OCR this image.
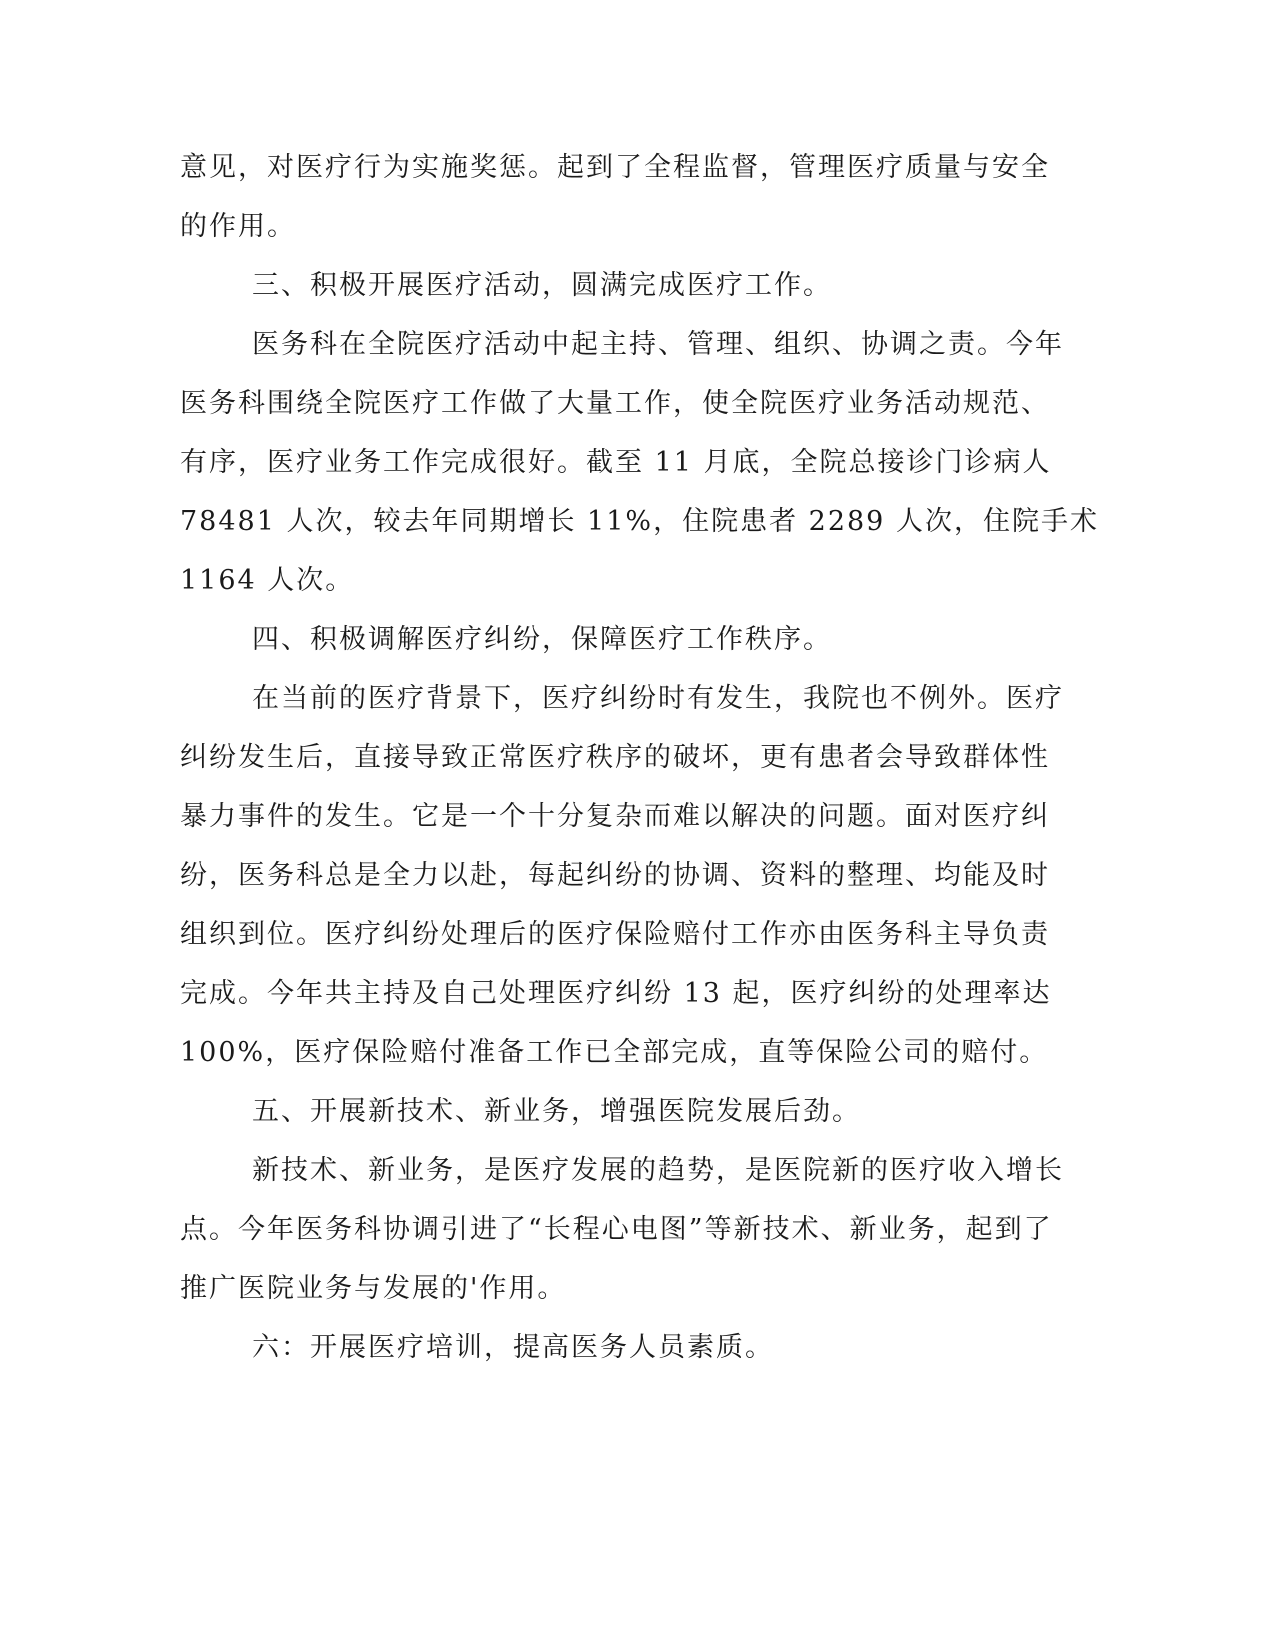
意见，对医疗行为实施奖惩。起到了全程监督，管理医疗质量与安全
的作用。
三、积极开展医疗活动，圆满完成医疗工作。
医务科在全院医疗活动中起主持、管理、组织、协调之责。今年
医务科围绕全院医疗工作做了大量工作，使全院医疗业务活动规范、
有序，医疗业务工作完成很好。截至 11 月底，全院总接诊门诊病人
78481 人次，较去年同期增长 11%，住院患者 2289 人次，住院手术
1164 人次。
四、积极调解医疗纠纷，保障医疗工作秩序。
在当前的医疗背景下，医疗纠纷时有发生，我院也不例外。医疗
纠纷发生后，直接导致正常医疗秩序的破坏，更有患者会导致群体性
暴力事件的发生。它是一个十分复杂而难以解决的问题。面对医疗纠
纷，医务科总是全力以赴，每起纠纷的协调、资料的整理、均能及时
组织到位。医疗纠纷处理后的医疗保险赔付工作亦由医务科主导负责
完成。今年共主持及自己处理医疗纠纷 13 起，医疗纠纷的处理率达
100%，医疗保险赔付准备工作已全部完成，直等保险公司的赔付。
五、开展新技术、新业务，增强医院发展后劲。
新技术、新业务，是医疗发展的趋势，是医院新的医疗收入增长
点。今年医务科协调引进了“长程心电图”等新技术、新业务，起到了
推广医院业务与发展的'作用。
六：开展医疗培训，提高医务人员素质。
